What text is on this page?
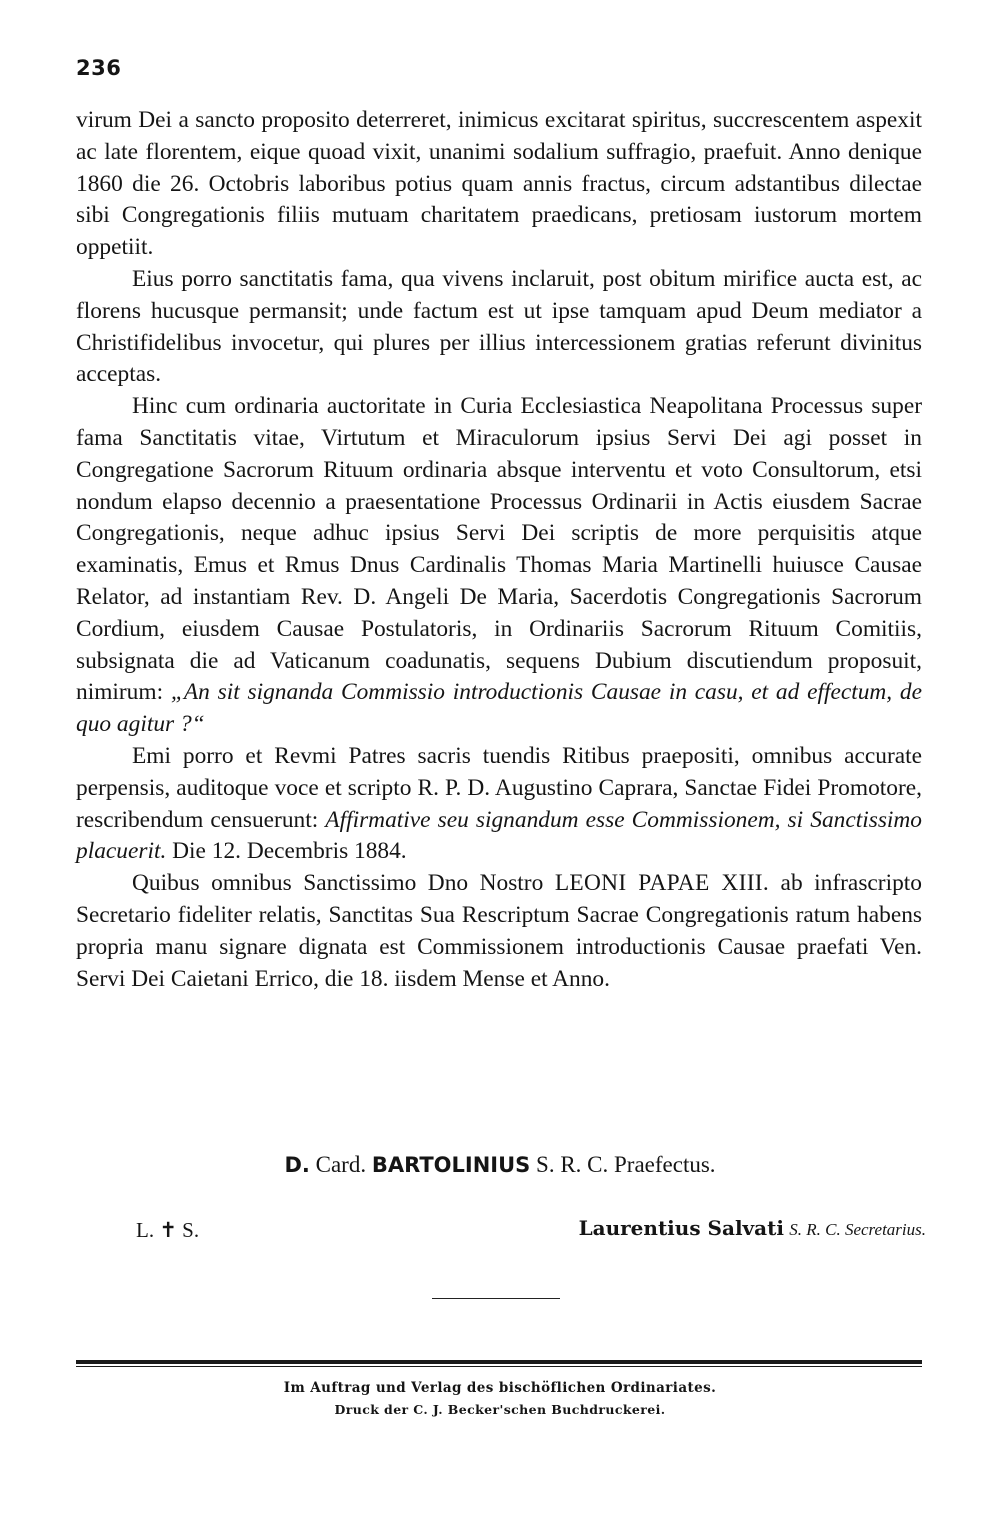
236

virum Dei a sancto proposito deterreret, inimicus excitarat spiritus, succrescentem aspexit ac late florentem, eique quoad vixit, unanimi sodalium suffragio, praefuit. Anno denique 1860 die 26. Octobris laboribus potius quam annis fractus, circum adstantibus dilectae sibi Congregationis filiis mutuam charitatem praedicans, pretiosam iustorum mortem oppetiit.

Eius porro sanctitatis fama, qua vivens inclaruit, post obitum mirifice aucta est, ac florens hucusque permansit; unde factum est ut ipse tamquam apud Deum mediator a Christifidelibus invocetur, qui plures per illius intercessionem gratias referunt divinitus acceptas.

Hinc cum ordinaria auctoritate in Curia Ecclesiastica Neapolitana Processus super fama Sanctitatis vitae, Virtutum et Miraculorum ipsius Servi Dei agi posset in Congregatione Sacrorum Rituum ordinaria absque interventu et voto Consultorum, etsi nondum elapso decennio a praesentatione Processus Ordinarii in Actis eiusdem Sacrae Congregationis, neque adhuc ipsius Servi Dei scriptis de more perquisitis atque examinatis, Emus et Rmus Dnus Cardinalis Thomas Maria Martinelli huiusce Causae Relator, ad instantiam Rev. D. Angeli De Maria, Sacerdotis Congregationis Sacrorum Cordium, eiusdem Causae Postulatoris, in Ordinariis Sacrorum Rituum Comitiis, subsignata die ad Vaticanum coadunatis, sequens Dubium discutiendum proposuit, nimirum: „An sit signanda Commissio introductionis Causae in casu, et ad effectum, de quo agitur ?“

Emi porro et Revmi Patres sacris tuendis Ritibus praepositi, omnibus accurate perpensis, auditoque voce et scripto R. P. D. Augustino Caprara, Sanctae Fidei Promotore, rescribendum censuerunt: Affirmative seu signandum esse Commissionem, si Sanctissimo placuerit. Die 12. Decembris 1884.

Quibus omnibus Sanctissimo Dno Nostro LEONI PAPAE XIII. ab infrascripto Secretario fideliter relatis, Sanctitas Sua Rescriptum Sacrae Congregationis ratum habens propria manu signare dignata est Commissionem introductionis Causae praefati Ven. Servi Dei Caietani Errico, die 18. iisdem Mense et Anno.

D. Card. BARTOLINIUS S. R. C. Praefectus.
L. ✝ S.	Laurentius Salvati S. R. C. Secretarius.
Im Auftrag und Verlag des bischöflichen Ordinariates.
Druck der C. J. Becker'schen Buchdruckerei.
